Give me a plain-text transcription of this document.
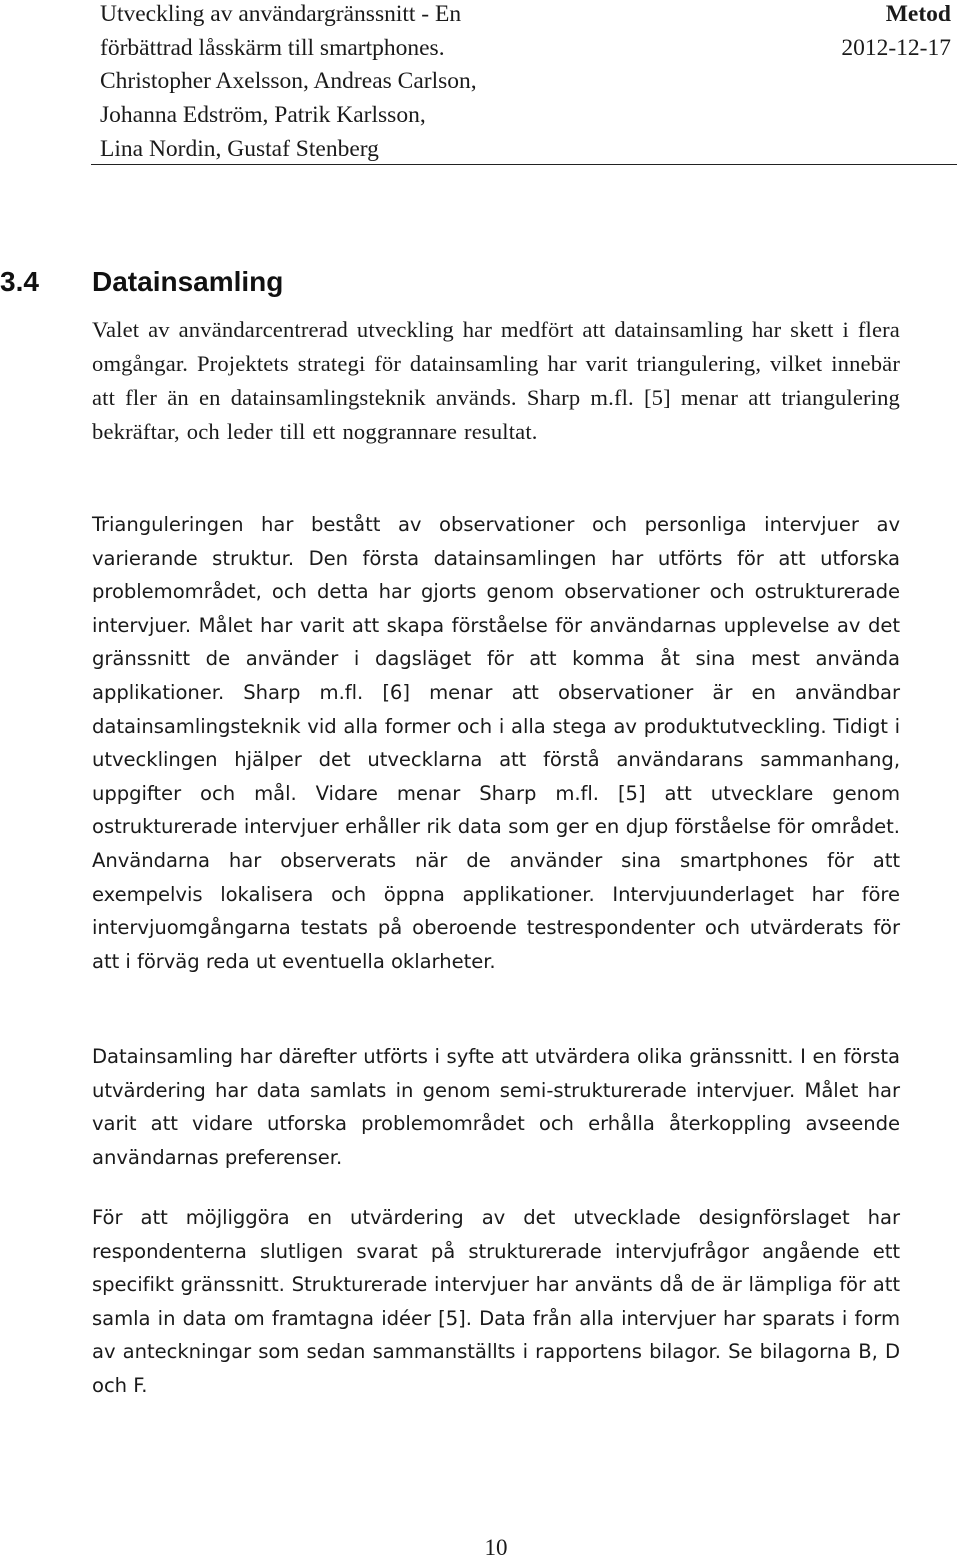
Utveckling av användargränssnitt - En
förbättrad låsskärm till smartphones.
Christopher Axelsson, Andreas Carlson,
Johanna Edström, Patrik Karlsson,
Lina Nordin, Gustaf Stenberg
Metod
2012-12-17
3.4 Datainsamling

Valet av användarcentrerad utveckling har medfört att datainsamling har skett i flera omgångar. Projektets strategi för datainsamling har varit triangulering, vilket innebär att fler än en datainsamlingsteknik används. Sharp m.fl. [5] menar att triangulering bekräftar, och leder till ett noggrannare resultat.

Trianguleringen har bestått av observationer och personliga intervjuer av varierande struktur. Den första datainsamlingen har utförts för att utforska problemområdet, och detta har gjorts genom observationer och ostrukturerade intervjuer. Målet har varit att skapa förståelse för användarnas upplevelse av det gränssnitt de använder i dagsläget för att komma åt sina mest använda applikationer. Sharp m.fl. [6] menar att observationer är en användbar datainsamlingsteknik vid alla former och i alla stega av produktutveckling. Tidigt i utvecklingen hjälper det utvecklarna att förstå användarans sammanhang, uppgifter och mål. Vidare menar Sharp m.fl. [5] att utvecklare genom ostrukturerade intervjuer erhåller rik data som ger en djup förståelse för området. Användarna har observerats när de använder sina smartphones för att exempelvis lokalisera och öppna applikationer. Intervjuunderlaget har före intervjuomgångarna testats på oberoende testrespondenter och utvärderats för att i förväg reda ut eventuella oklarheter.

Datainsamling har därefter utförts i syfte att utvärdera olika gränssnitt. I en första utvärdering har data samlats in genom semi-strukturerade intervjuer. Målet har varit att vidare utforska problemområdet och erhålla återkoppling avseende användarnas preferenser.

För att möjliggöra en utvärdering av det utvecklade designförslaget har respondenterna slutligen svarat på strukturerade intervjufrågor angående ett specifikt gränssnitt. Strukturerade intervjuer har använts då de är lämpliga för att samla in data om framtagna idéer [5]. Data från alla intervjuer har sparats i form av anteckningar som sedan sammanställts i rapportens bilagor. Se bilagorna B, D och F.

10
